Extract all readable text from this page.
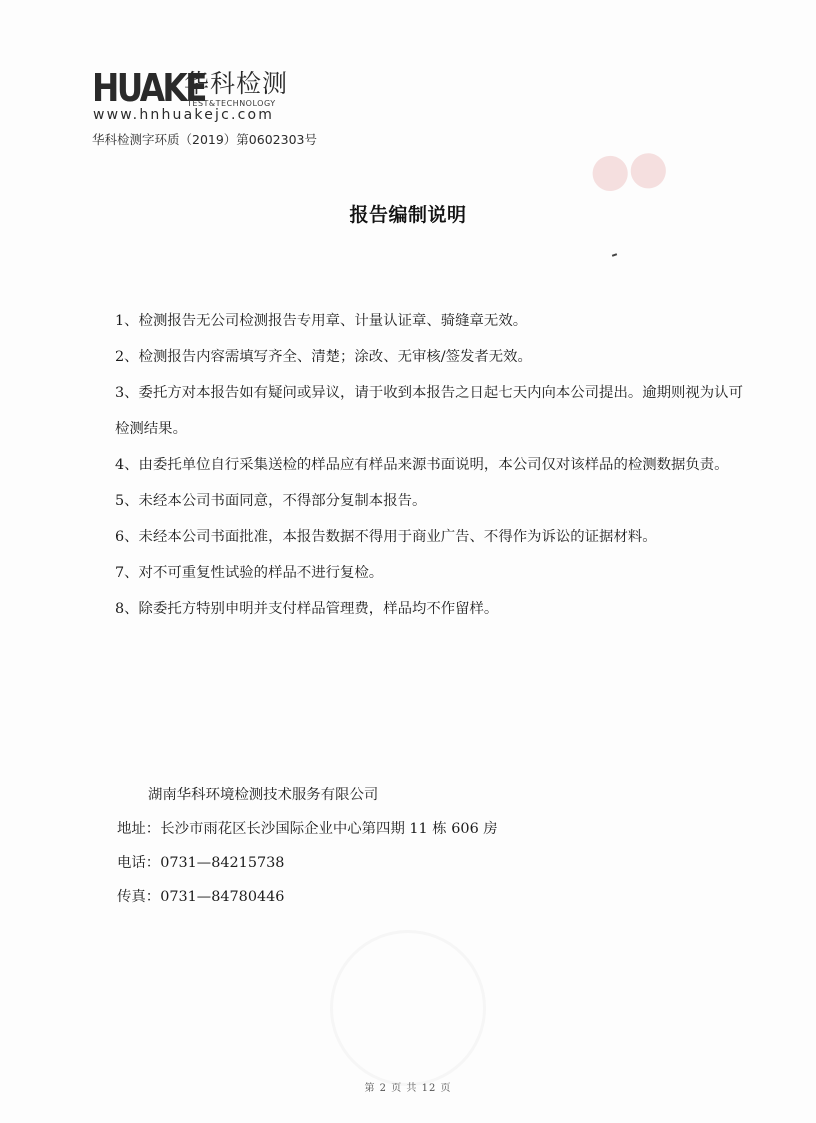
●●
HUAKE
华科检测
TEST&TECHNOLOGY
www.hnhuakejc.com
华科检测字环质（2019）第0602303号
报告编制说明

1、检测报告无公司检测报告专用章、计量认证章、骑缝章无效。

2、检测报告内容需填写齐全、清楚；涂改、无审核/签发者无效。

3、委托方对本报告如有疑问或异议，请于收到本报告之日起七天内向本公司提出。逾期则视为认可检测结果。

4、由委托单位自行采集送检的样品应有样品来源书面说明，本公司仅对该样品的检测数据负责。

5、未经本公司书面同意，不得部分复制本报告。

6、未经本公司书面批准，本报告数据不得用于商业广告、不得作为诉讼的证据材料。

7、对不可重复性试验的样品不进行复检。

8、除委托方特别申明并支付样品管理费，样品均不作留样。

湖南华科环境检测技术服务有限公司
地址：长沙市雨花区长沙国际企业中心第四期 11 栋 606 房
电话：0731—84215738
传真：0731—84780446
第 2 页 共 12 页
